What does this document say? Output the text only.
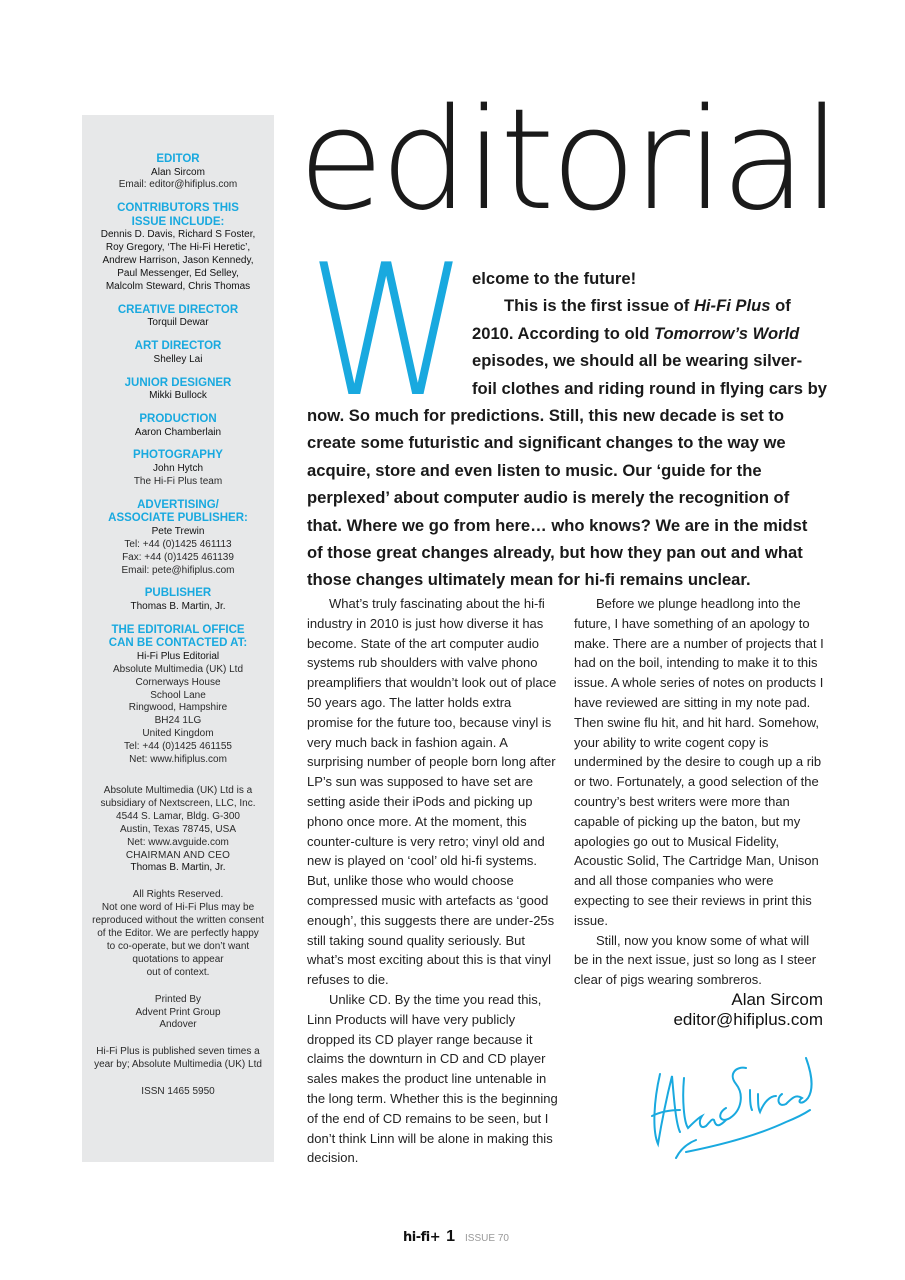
EDITOR
Alan Sircom
Email: editor@hifiplus.com
CONTRIBUTORS THIS ISSUE INCLUDE:
Dennis D. Davis, Richard S Foster,
Roy Gregory, ‘The Hi-Fi Heretic’,
Andrew Harrison, Jason Kennedy,
Paul Messenger, Ed Selley,
Malcolm Steward, Chris Thomas
CREATIVE DIRECTOR
Torquil Dewar
ART DIRECTOR
Shelley Lai
JUNIOR DESIGNER
Mikki Bullock
PRODUCTION
Aaron Chamberlain
PHOTOGRAPHY
John Hytch
The Hi-Fi Plus team
ADVERTISING/
ASSOCIATE PUBLISHER:
Pete Trewin
Tel: +44 (0)1425 461113
Fax: +44 (0)1425 461139
Email: pete@hifiplus.com
PUBLISHER
Thomas B. Martin, Jr.
THE EDITORIAL OFFICE
CAN BE CONTACTED AT:
Hi-Fi Plus Editorial
Absolute Multimedia (UK) Ltd
Cornerways House
School Lane
Ringwood, Hampshire
BH24 1LG
United Kingdom
Tel: +44 (0)1425 461155
Net: www.hifiplus.com
Absolute Multimedia (UK) Ltd is a
subsidiary of Nextscreen, LLC, Inc.
4544 S. Lamar, Bldg. G-300
Austin, Texas 78745, USA
Net: www.avguide.com
CHAIRMAN AND CEO
Thomas B. Martin, Jr.
All Rights Reserved.
Not one word of Hi-Fi Plus may be
reproduced without the written consent
of the Editor. We are perfectly happy
to co-operate, but we don’t want
quotations to appear
out of context.
Printed By
Advent Print Group
Andover
Hi-Fi Plus is published seven times a
year by; Absolute Multimedia (UK) Ltd
ISSN 1465 5950
editorial
W elcome to the future!
This is the first issue of Hi-Fi Plus of
2010. According to old Tomorrow’s World
episodes, we should all be wearing silver-
foil clothes and riding round in flying cars by
now. So much for predictions. Still, this new decade is set to create some futuristic and significant changes to the way we acquire, store and even listen to music. Our ‘guide for the perplexed’ about computer audio is merely the recognition of that. Where we go from here… who knows? We are in the midst of those great changes already, but how they pan out and what those changes ultimately mean for hi-fi remains unclear.

What’s truly fascinating about the hi-fi industry in 2010 is just how diverse it has become. State of the art computer audio systems rub shoulders with valve phono preamplifiers that wouldn’t look out of place 50 years ago. The latter holds extra promise for the future too, because vinyl is very much back in fashion again. A surprising number of people born long after LP’s sun was supposed to have set are setting aside their iPods and picking up phono once more. At the moment, this counter-culture is very retro; vinyl old and new is played on ‘cool’ old hi-fi systems. But, unlike those who would choose compressed music with artefacts as ‘good enough’, this suggests there are under-25s still taking sound quality seriously. But what’s most exciting about this is that vinyl refuses to die.

Unlike CD. By the time you read this, Linn Products will have very publicly dropped its CD player range because it claims the downturn in CD and CD player sales makes the product line untenable in the long term. Whether this is the beginning of the end of CD remains to be seen, but I don’t think Linn will be alone in making this decision.

Before we plunge headlong into the future, I have something of an apology to make. There are a number of projects that I had on the boil, intending to make it to this issue. A whole series of notes on products I have reviewed are sitting in my note pad. Then swine flu hit, and hit hard. Somehow, your ability to write cogent copy is undermined by the desire to cough up a rib or two. Fortunately, a good selection of the country’s best writers were more than capable of picking up the baton, but my apologies go out to Musical Fidelity, Acoustic Solid, The Cartridge Man, Unison and all those companies who were expecting to see their reviews in print this issue.

Still, now you know some of what will be in the next issue, just so long as I steer clear of pigs wearing sombreros.

Alan Sircom
editor@hifiplus.com
hi-fi+ 1 ISSUE 70
